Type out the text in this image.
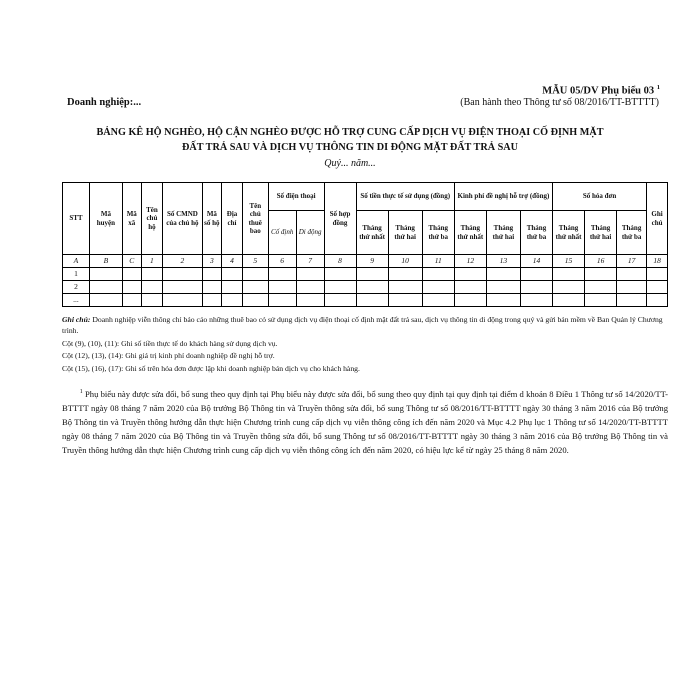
MẪU 05/DV Phụ biểu 03 $^1$
Doanh nghiệp:...	(Ban hành theo Thông tư số 08/2016/TT-BTTTT)
BẢNG KÊ HỘ NGHÈO, HỘ CẬN NGHÈO ĐƯỢC HỖ TRỢ CUNG CẤP DỊCH VỤ ĐIỆN THOẠI CỐ ĐỊNH MẶT
ĐẤT TRẢ SAU VÀ DỊCH VỤ THÔNG TIN DI ĐỘNG MẶT ĐẤT TRẢ SAU
Quý... năm...
STT	Mã huyện	Mã xã	Tên chủ hộ	Số CMND của chủ hộ	Mã số hộ	Địa chỉ	Tên chủ thuê bao	Số điện thoại		Số hợp đồng	Số tiền thực tế sử dụng (đồng)			Kinh phí đề nghị hỗ trợ (đồng)			Số hóa đơn			Ghi chú
								Cố định	Di động		Tháng thứ nhất	Tháng thứ hai	Tháng thứ ba	Tháng thứ nhất	Tháng thứ hai	Tháng thứ ba	Tháng thứ nhất	Tháng thứ hai	Tháng thứ ba	
A	B	C	1	2	3	4	5	6	7	8	9	10	11	12	13	14	15	16	17	18
1																				
2																				
...																				

Ghi chú: Doanh nghiệp viễn thông chỉ báo cáo những thuê bao có sử dụng dịch vụ điện thoại cố định mặt đất trả sau, dịch vụ thông tin di động trong quý và gửi bản mềm về Ban Quản lý Chương trình.

Cột (9), (10), (11): Ghi số tiền thực tế do khách hàng sử dụng dịch vụ.

Cột (12), (13), (14): Ghi giá trị kinh phí doanh nghiệp đề nghị hỗ trợ.

Cột (15), (16), (17): Ghi số trên hóa đơn được lập khi doanh nghiệp bán dịch vụ cho khách hàng.

$^1$ Phụ biểu này được sửa đổi, bổ sung theo quy định tại Phụ biểu này được sửa đổi, bổ sung theo quy định tại quy định tại điểm d khoản 8 Điều 1 Thông tư số 14/2020/TT-BTTTT ngày 08 tháng 7 năm 2020 của Bộ trưởng Bộ Thông tin và Truyền thông sửa đổi, bổ sung Thông tư số 08/2016/TT-BTTTT ngày 30 tháng 3 năm 2016 của Bộ trưởng Bộ Thông tin và Truyền thông hướng dẫn thực hiện Chương trình cung cấp dịch vụ viễn thông công ích đến năm 2020 và Mục 4.2 Phụ lục 1 Thông tư số 14/2020/TT-BTTTT ngày 08 tháng 7 năm 2020 của Bộ Thông tin và Truyền thông sửa đổi, bổ sung Thông tư số 08/2016/TT-BTTTT ngày 30 tháng 3 năm 2016 của Bộ trưởng Bộ Thông tin và Truyền thông hướng dẫn thực hiện Chương trình cung cấp dịch vụ viễn thông công ích đến năm 2020, có hiệu lực kể từ ngày 25 tháng 8 năm 2020.
